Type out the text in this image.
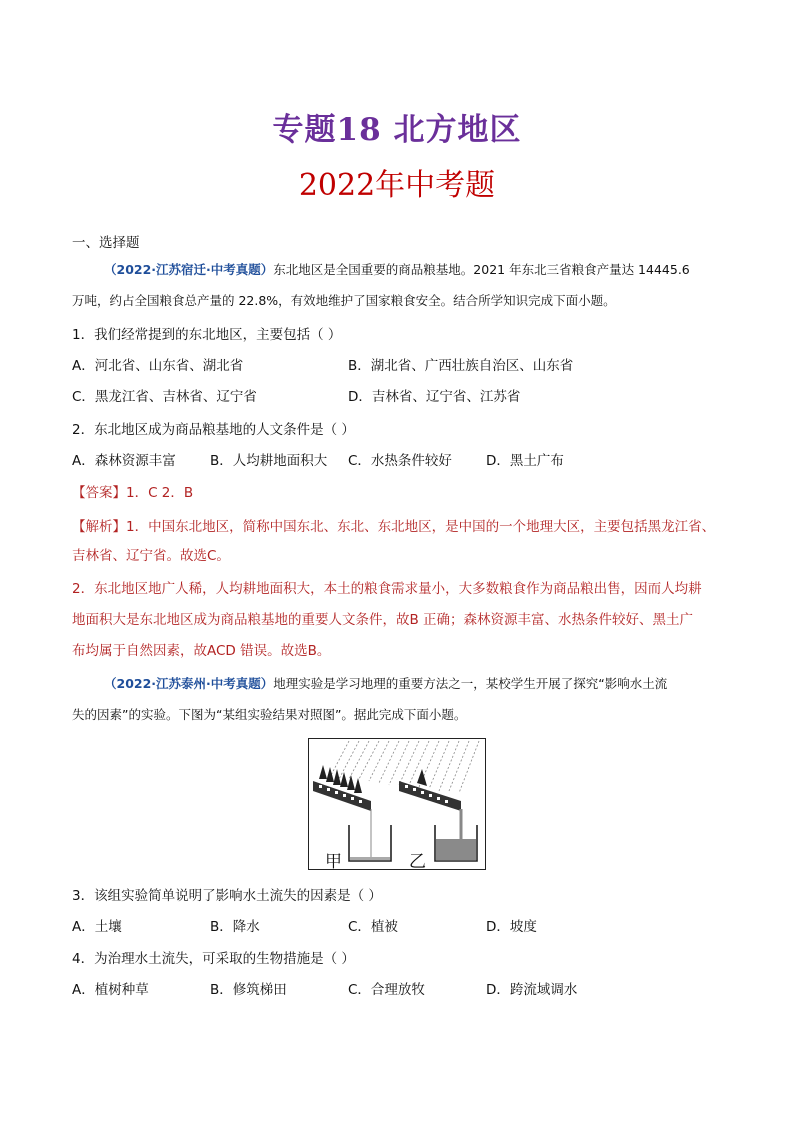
专题18 北方地区
2022年中考题
一、选择题
（2022·江苏宿迁·中考真题）东北地区是全国重要的商品粮基地。2021 年东北三省粮食产量达 14445.6
万吨，约占全国粮食总产量的 22.8%，有效地维护了国家粮食安全。结合所学知识完成下面小题。
1．我们经常提到的东北地区，主要包括（ ）
A．河北省、山东省、湖北省	B．湖北省、广西壮族自治区、山东省
C．黑龙江省、吉林省、辽宁省	D．吉林省、辽宁省、江苏省
2．东北地区成为商品粮基地的人文条件是（ ）
A．森林资源丰富	B．人均耕地面积大 C．水热条件较好	D．黑土广布
【答案】1．C 2．B
【解析】1．中国东北地区，简称中国东北、东北、东北地区，是中国的一个地理大区，主要包括黑龙江省、
吉林省、辽宁省。故选C。
2．东北地区地广人稀，人均耕地面积大，本土的粮食需求量小，大多数粮食作为商品粮出售，因而人均耕
地面积大是东北地区成为商品粮基地的重要人文条件，故B 正确；森林资源丰富、水热条件较好、黑土广
布均属于自然因素，故ACD 错误。故选B。
（2022·江苏泰州·中考真题）地理实验是学习地理的重要方法之一，某校学生开展了探究“影响水土流
失的因素”的实验。下图为“某组实验结果对照图”。据此完成下面小题。
甲	乙
3．该组实验简单说明了影响水土流失的因素是（ ）
A．土壤	B．降水	C．植被	D．坡度
4．为治理水土流失，可采取的生物措施是（ ）
A．植树种草	B．修筑梯田	C．合理放牧	D．跨流域调水
